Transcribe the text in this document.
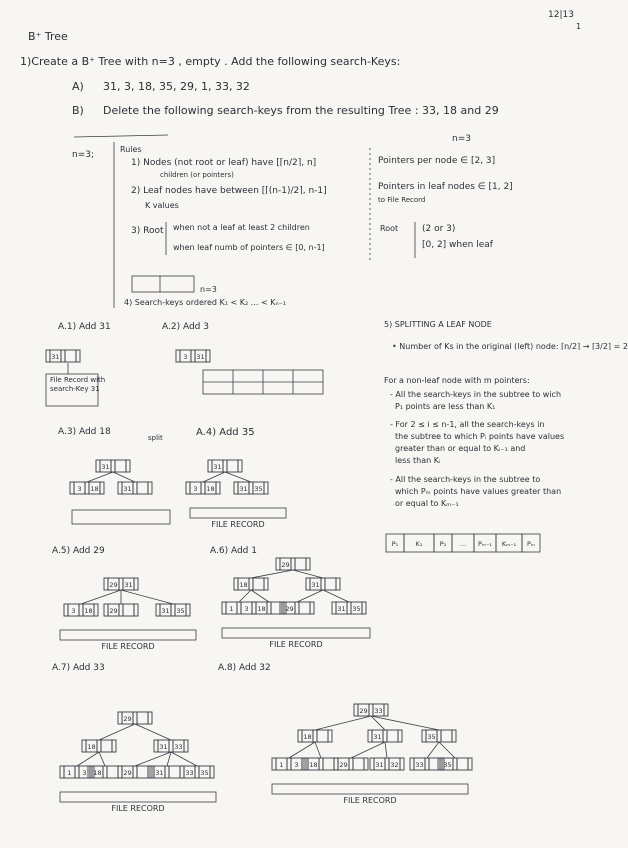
12|13
1
B⁺ Tree
1)Create a B⁺ Tree with n=3 , empty . Add the following search-Keys:
A) 31, 3, 18, 35, 29, 1, 33, 32
B) Delete the following search-keys from the resulting Tree : 33, 18 and 29
n=3
n=3;
Rules
1) Nodes (not root or leaf) have [⌈n/2⌉, n]
children (or pointers)
Pointers per node ∈ [2, 3]
2) Leaf nodes have between [⌈(n-1)/2⌉, n-1]
K values
Pointers in leaf nodes ∈ [1, 2]
to File Record
3) Root when not a leaf at least 2 children
when leaf numb of pointers ∈ [0, n-1]
Root	(2 or 3)
[0, 2] when leaf
n=3
4) Search-keys ordered K₁ < K₂ ... < Kₙ₋₁
A.1) Add 31	A.2) Add 3
File Record with search-Key 31
A.3) Add 18
split	A.4) Add 35
A.5) Add 29	A.6) Add 1
A.7) Add 33	A.8) Add 32
5) SPLITTING A LEAF NODE
• Number of Ks in the original (left) node: ⌈n/2⌉ → ⌈3/2⌉ = 2
For a non-leaf node with m pointers:
- All the search-keys in the subtree to wich
P₁ points are less than K₁
- For 2 ≤ i ≤ n-1, all the search-keys in
the subtree to which Pᵢ points have values
greater than or equal to Kᵢ₋₁ and
less than Kᵢ
- All the search-keys in the subtree to
which Pₘ points have values greater than
or equal to Kₘ₋₁
P₁	K₁	P₂ ... Pₘ₋₁ Kₘ₋₁ Pₘ
31	3 31
31
3 18	31
31
3 18	31 35
FILE RECORD
29 31
3 18	29	31 35
FILE RECORD
29
18	31
1 3 18	29	31 35
FILE RECORD
29
18	31 33
1 3 18	29	31	33 35
FILE RECORD
29 33
18	31	35
1 3 18	29	31 32	33	35
FILE RECORD
